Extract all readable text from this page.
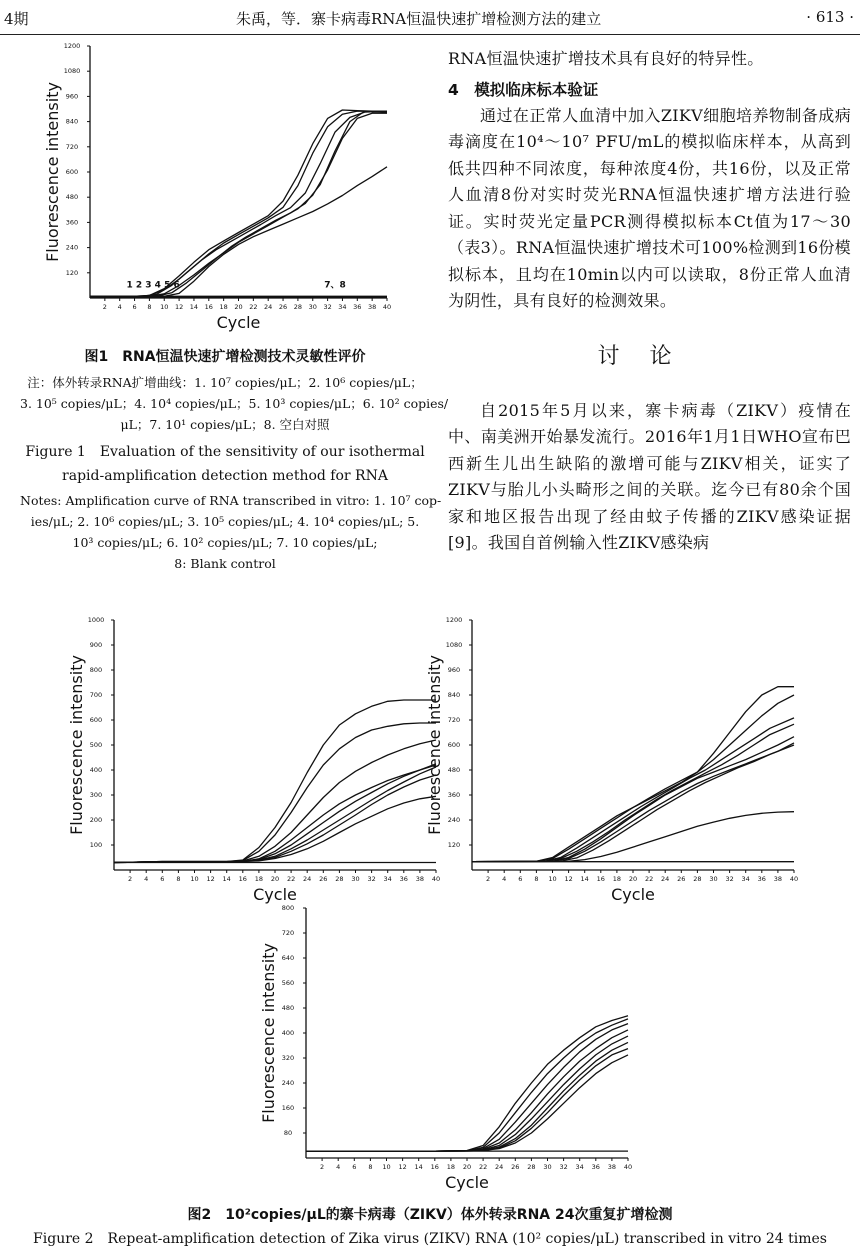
4期	朱禹，等．寨卡病毒RNA恒温快速扩增检测方法的建立	· 613 ·
2 4 6 8 10 12 14 16 18 20 22 24 26 28 30 32 34 36 38 40
120
240
360
480
600
720
840
960
1080
1200
Cycle
Fluorescence intensity
1 2 3 4 5 6	7、8
图1　RNA恒温快速扩增检测技术灵敏性评价
注：体外转录RNA扩增曲线：1. 10⁷ copies/μL；2. 10⁶ copies/μL；
3. 10⁵ copies/μL；4. 10⁴ copies/μL；5. 10³ copies/μL；6. 10² copies/
μL；7. 10¹ copies/μL；8. 空白对照
Figure 1　Evaluation of the sensitivity of our isothermal
rapid-amplification detection method for RNA
Notes: Amplification curve of RNA transcribed in vitro: 1. 10⁷ cop-
ies/μL; 2. 10⁶ copies/μL; 3. 10⁵ copies/μL; 4. 10⁴ copies/μL; 5.
10³ copies/μL; 6. 10² copies/μL; 7. 10 copies/μL;
8: Blank control

RNA恒温快速扩增技术具有良好的特异性。

4　模拟临床标本验证

通过在正常人血清中加入ZIKV细胞培养物制备成病毒滴度在10⁴～10⁷ PFU/mL的模拟临床样本，从高到低共四种不同浓度，每种浓度4份，共16份，以及正常人血清8份对实时荧光RNA恒温快速扩增方法进行验证。实时荧光定量PCR测得模拟标本Ct值为17～30（表3）。RNA恒温快速扩增技术可100%检测到16份模拟标本，且均在10min以内可以读取，8份正常人血清为阴性，具有良好的检测效果。

讨论

自2015年5月以来，寨卡病毒（ZIKV）疫情在中、南美洲开始暴发流行。2016年1月1日WHO宣布巴西新生儿出生缺陷的激增可能与ZIKV相关，证实了ZIKV与胎儿小头畸形之间的关联。迄今已有80余个国家和地区报告出现了经由蚊子传播的ZIKV感染证据[9]。我国自首例输入性ZIKV感染病

2 4 6 8 10 12 14 16 18 20 22 24 26 28 30 32 34 36 38 40
100
200
300
400
500
600
700
800
900
1000
Cycle
Fluorescence intensity
2 4 6 8 10 12 14 16 18 20 22 24 26 28 30 32 34 36 38 40
120
240
360
480
600
720
840
960
1080
1200
Cycle
Fluorescence intensity
2 4 6 8 10 12 14 16 18 20 22 24 26 28 30 32 34 36 38 40
80
160
240
320
400
480
560
640
720
800
Cycle
Fluorescence intensity
图2　10²copies/μL的寨卡病毒（ZIKV）体外转录RNA 24次重复扩增检测
Figure 2　Repeat-amplification detection of Zika virus (ZIKV) RNA (10² copies/μL) transcribed in vitro 24 times
